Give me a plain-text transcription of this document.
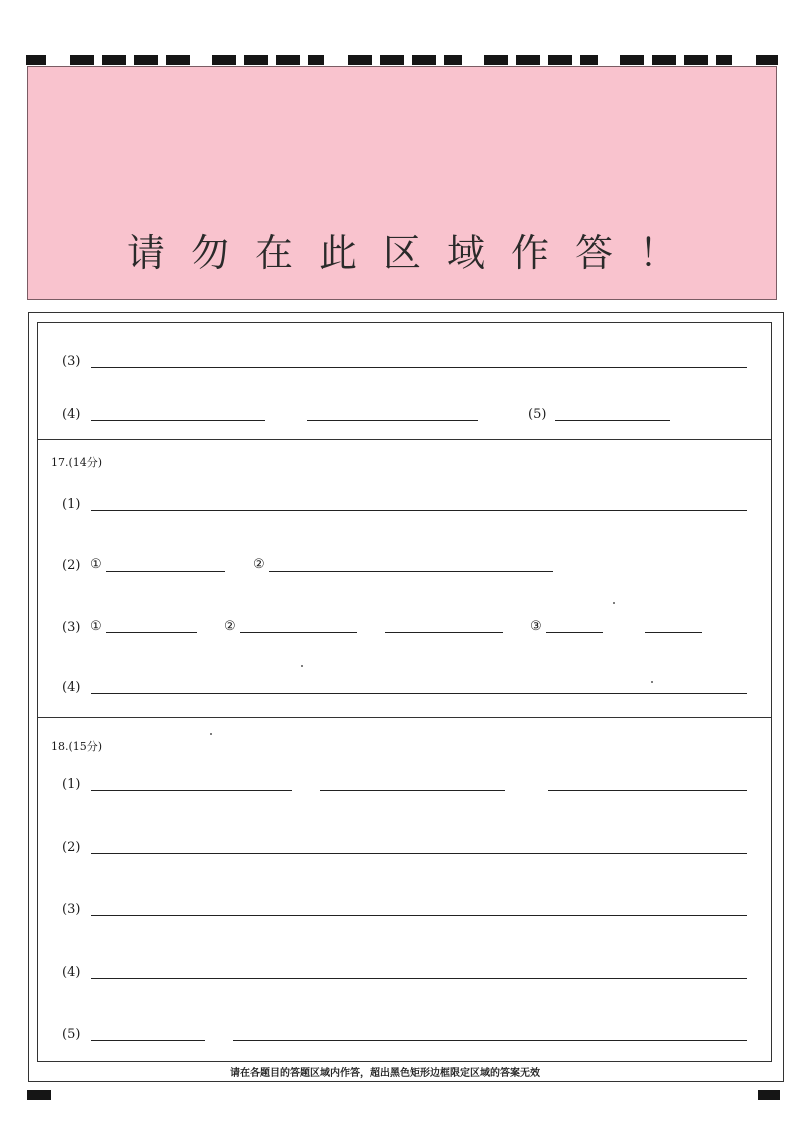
请勿在此区域作答！
(3)
(4)	(5)
17.(14分)
(1)
(2) ①	②
(3) ①	②	③
(4)
18.(15分)
(1)
(2)
(3)
(4)
(5)
请在各题目的答题区域内作答，超出黑色矩形边框限定区域的答案无效
